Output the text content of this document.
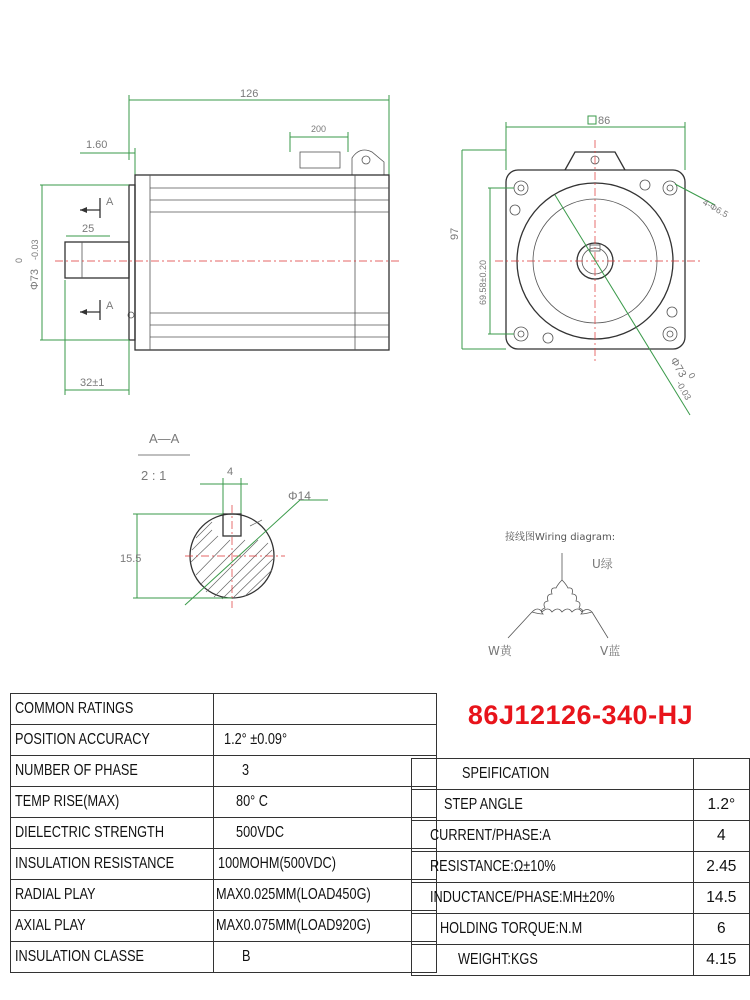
126
1.60
200
A
A
25
Φ73
0
-0.03
32±1
86
97
69.58±0.20
4-Φ6.5
Φ73
0
-0.03
A—A
2 : 1	4
Φ14
15.5
接线图Wiring diagram:
U绿
W黄	V蓝
86J12126-340-HJ
COMMON RATINGS	
POSITION ACCURACY	1.2° ±0.09°
NUMBER OF PHASE	3
TEMP RISE(MAX)	80° C
DIELECTRIC STRENGTH	500VDC
INSULATION RESISTANCE	100MOHM(500VDC)
RADIAL PLAY	MAX0.025MM(LOAD450G)
AXIAL PLAY	MAX0.075MM(LOAD920G)
INSULATION CLASSE	B
SPEIFICATION	
STEP ANGLE	1.2°
CURRENT/PHASE:A	4
RESISTANCE:Ω±10%	2.45
INDUCTANCE/PHASE:MH±20%	14.5
HOLDING TORQUE:N.M	6
WEIGHT:KGS	4.15
